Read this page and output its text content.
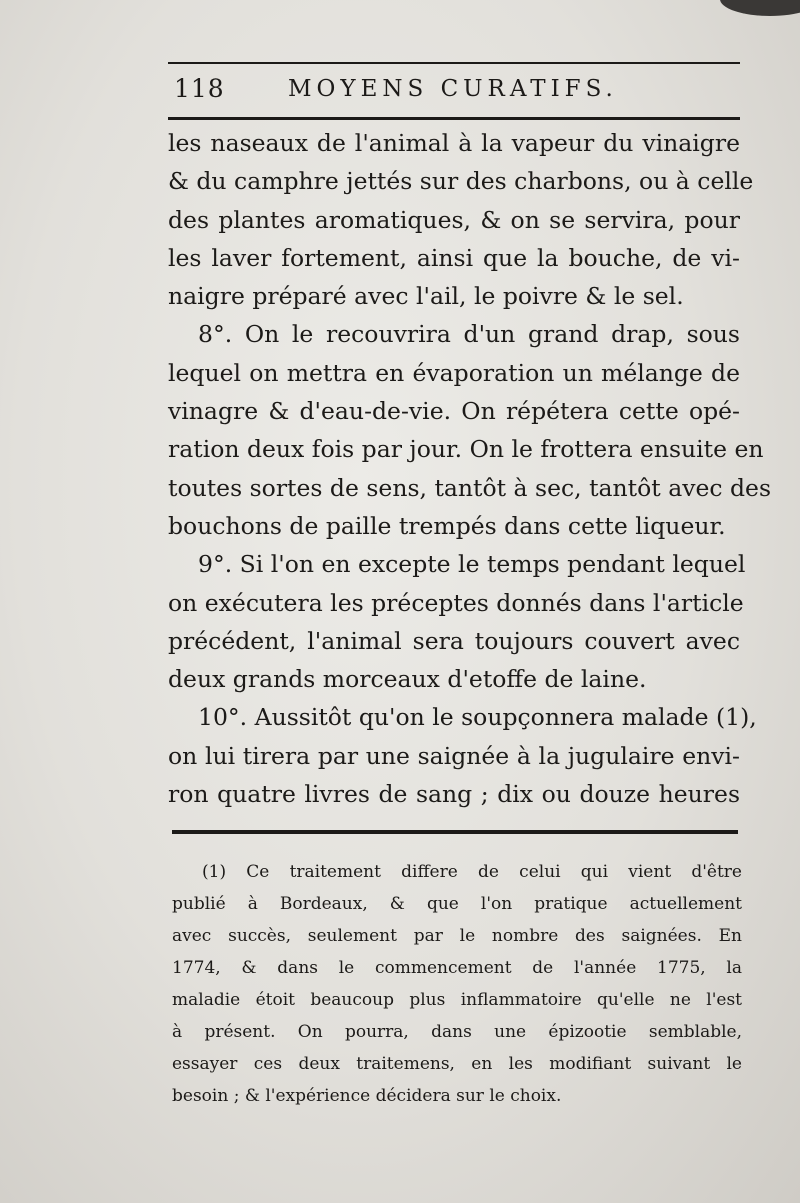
118	MOYENS CURATIFS.
les naseaux de l'animal à la vapeur du vinaigre
& du camphre jettés sur des charbons, ou à celle
des plantes aromatiques, & on se servira, pour
les laver fortement, ainsi que la bouche, de vi-
naigre préparé avec l'ail, le poivre & le sel.
8°. On le recouvrira d'un grand drap, sous
lequel on mettra en évaporation un mélange de
vinagre & d'eau-de-vie. On répétera cette opé-
ration deux fois par jour. On le frottera ensuite en
toutes sortes de sens, tantôt à sec, tantôt avec des
bouchons de paille trempés dans cette liqueur.
9°. Si l'on en excepte le temps pendant lequel
on exécutera les préceptes donnés dans l'article
précédent, l'animal sera toujours couvert avec
deux grands morceaux d'etoffe de laine.
10°. Aussitôt qu'on le soupçonnera malade (1),
on lui tirera par une saignée à la jugulaire envi-
ron quatre livres de sang ; dix ou douze heures
(1) Ce traitement differe de celui qui vient d'être
publié à Bordeaux, & que l'on pratique actuellement
avec succès, seulement par le nombre des saignées. En
1774, & dans le commencement de l'année 1775, la
maladie étoit beaucoup plus inflammatoire qu'elle ne l'est
à présent. On pourra, dans une épizootie semblable,
essayer ces deux traitemens, en les modifiant suivant le
besoin ; & l'expérience décidera sur le choix.
